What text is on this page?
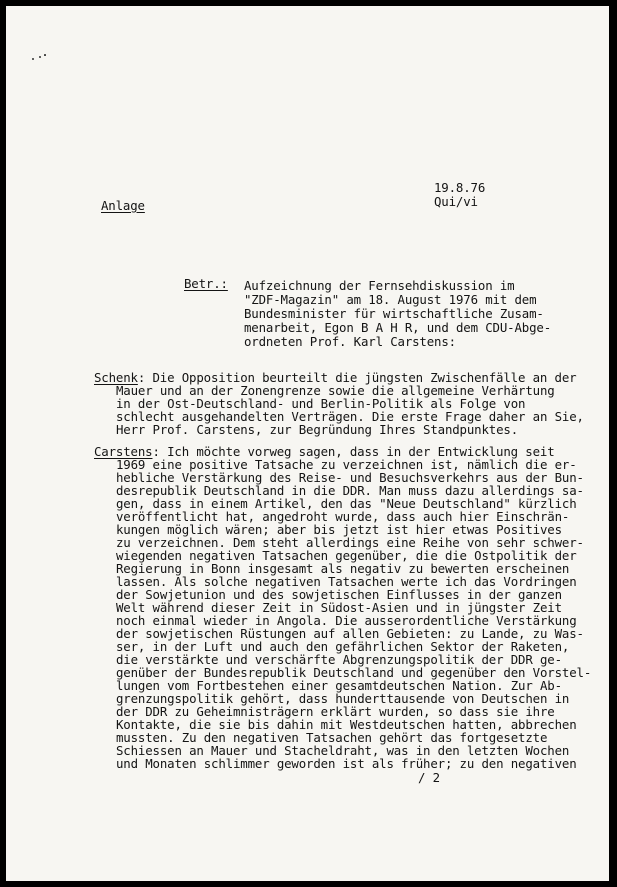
19.8.76
Qui/vi
Anlage
Betr.: Aufzeichnung der Fernsehdiskussion im
"ZDF-Magazin" am 18. August 1976 mit dem
Bundesminister für wirtschaftliche Zusam-
menarbeit, Egon B A H R, und dem CDU-Abge-
ordneten Prof. Karl Carstens:
Schenk: Die Opposition beurteilt die jüngsten Zwischenfälle an der
Mauer und an der Zonengrenze sowie die allgemeine Verhärtung
in der Ost-Deutschland- und Berlin-Politik als Folge von
schlecht ausgehandelten Verträgen. Die erste Frage daher an Sie,
Herr Prof. Carstens, zur Begründung Ihres Standpunktes.
Carstens: Ich möchte vorweg sagen, dass in der Entwicklung seit
1969 eine positive Tatsache zu verzeichnen ist, nämlich die er-
hebliche Verstärkung des Reise- und Besuchsverkehrs aus der Bun-
desrepublik Deutschland in die DDR. Man muss dazu allerdings sa-
gen, dass in einem Artikel, den das "Neue Deutschland" kürzlich
veröffentlicht hat, angedroht wurde, dass auch hier Einschrän-
kungen möglich wären; aber bis jetzt ist hier etwas Positives
zu verzeichnen. Dem steht allerdings eine Reihe von sehr schwer-
wiegenden negativen Tatsachen gegenüber, die die Ostpolitik der
Regierung in Bonn insgesamt als negativ zu bewerten erscheinen
lassen. Als solche negativen Tatsachen werte ich das Vordringen
der Sowjetunion und des sowjetischen Einflusses in der ganzen
Welt während dieser Zeit in Südost-Asien und in jüngster Zeit
noch einmal wieder in Angola. Die ausserordentliche Verstärkung
der sowjetischen Rüstungen auf allen Gebieten: zu Lande, zu Was-
ser, in der Luft und auch den gefährlichen Sektor der Raketen,
die verstärkte und verschärfte Abgrenzungspolitik der DDR ge-
genüber der Bundesrepublik Deutschland und gegenüber den Vorstel-
lungen vom Fortbestehen einer gesamtdeutschen Nation. Zur Ab-
grenzungspolitik gehört, dass hunderttausende von Deutschen in
der DDR zu Geheimnisträgern erklärt wurden, so dass sie ihre
Kontakte, die sie bis dahin mit Westdeutschen hatten, abbrechen
mussten. Zu den negativen Tatsachen gehört das fortgesetzte
Schiessen an Mauer und Stacheldraht, was in den letzten Wochen
und Monaten schlimmer geworden ist als früher; zu den negativen
/ 2
